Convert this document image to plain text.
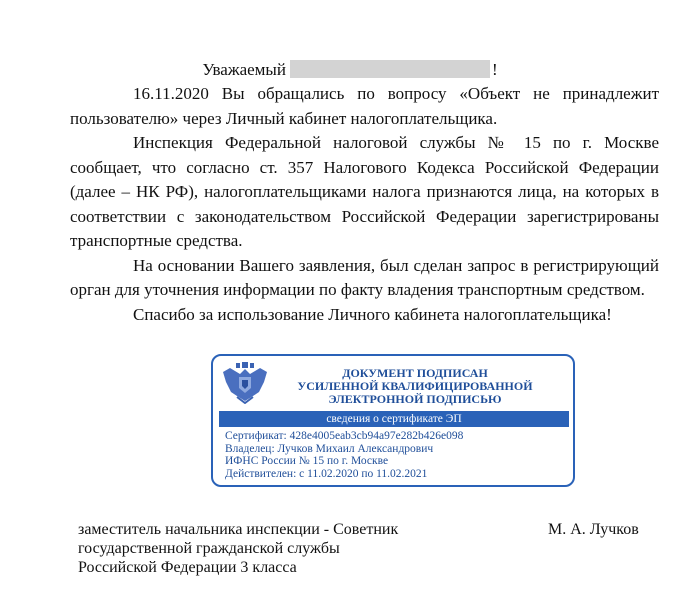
Уважаемый	!

16.11.2020 Вы обращались по вопросу «Объект не принадлежит пользователю» через Личный кабинет налогоплательщика.

Инспекция Федеральной налоговой службы № 15 по г. Москве сообщает, что согласно ст. 357 Налогового Кодекса Российской Федерации (далее – НК РФ), налогоплательщиками налога признаются лица, на которых в соответствии с законодательством Российской Федерации зарегистрированы транспортные средства.

На основании Вашего заявления, был сделан запрос в регистрирующий орган для уточнения информации по факту владения транспортным средством.

Спасибо за использование Личного кабинета налогоплательщика!

ДОКУМЕНТ ПОДПИСАН
УСИЛЕННОЙ КВАЛИФИЦИРОВАННОЙ
ЭЛЕКТРОННОЙ ПОДПИСЬЮ
сведения о сертификате ЭП
Сертификат: 428e4005eab3cb94a97e282b426e098
Владелец: Лучков Михаил Александрович
ИФНС России № 15 по г. Москве
Действителен: с 11.02.2020 по 11.02.2021
заместитель начальника инспекции - Советник
государственной гражданской службы
Российской Федерации 3 класса
М. А. Лучков
